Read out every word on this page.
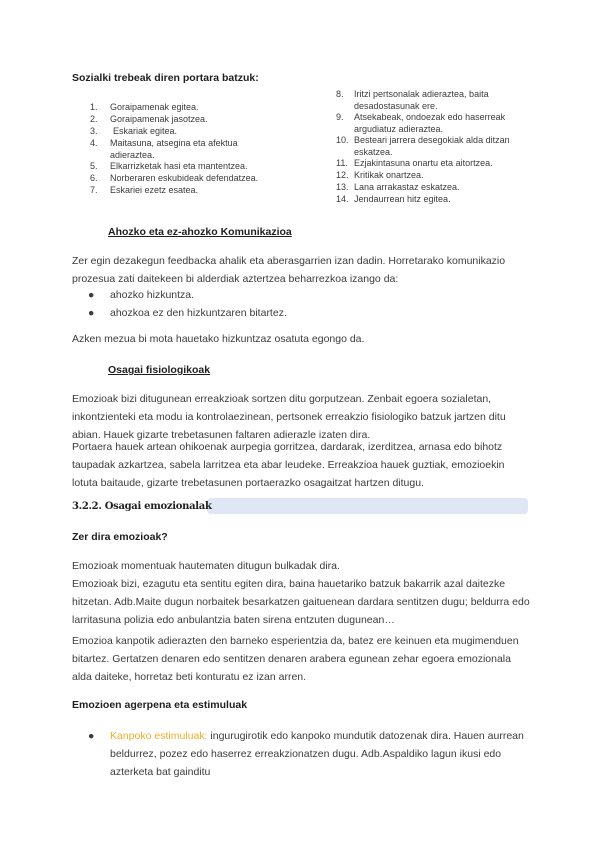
Sozialki trebeak diren portara batzuk:
1. Goraipamenak egitea.
2. Goraipamenak jasotzea.
3. Eskariak egitea.
4. Maitasuna, atsegina eta afektua adieraztea.
5. Elkarrizketak hasi eta mantentzea.
6. Norberaren eskubideak defendatzea.
7. Eskariei ezetz esatea.
8. Iritzi pertsonalak adieraztea, baita desadostasunak ere.
9. Atsekabeak, ondoezak edo haserreak argudiatuz adieraztea.
10. Besteari jarrera desegokiak alda ditzan eskatzea.
11. Ezjakintasuna onartu eta aitortzea.
12. Kritikak onartzea.
13. Lana arrakastaz eskatzea.
14. Jendaurrean hitz egitea.
Ahozko eta ez-ahozko Komunikazioa
Zer egin dezakegun feedbacka ahalik eta aberasgarrien izan dadin. Horretarako komunikazio prozesua zati daitekeen bi alderdiak aztertzea beharrezkoa izango da:
● ahozko hizkuntza.
● ahozkoa ez den hizkuntzaren bitartez.
Azken mezua bi mota hauetako hizkuntzaz osatuta egongo da.
Osagai fisiologikoak
Emozioak bizi ditugunean erreakzioak sortzen ditu gorputzean. Zenbait egoera sozialetan, inkontzienteki eta modu ia kontrolaezinean, pertsonek erreakzio fisiologiko batzuk jartzen ditu abian. Hauek gizarte trebetasunen faltaren adierazle izaten dira.
Portaera hauek artean ohikoenak aurpegia gorritzea, dardarak, izerditzea, arnasa edo bihotz taupadak azkartzea, sabela larritzea eta abar leudeke. Erreakzioa hauek guztiak, emozioekin lotuta baitaude, gizarte trebetasunen portaerazko osagaitzat hartzen ditugu.
3.2.2. Osagai emozionalak
Zer dira emozioak?
Emozioak momentuak hautematen ditugun bulkadak dira.
Emozioak bizi, ezagutu eta sentitu egiten dira, baina hauetariko batzuk bakarrik azal daitezke hitzetan. Adb.Maite dugun norbaitek besarkatzen gaituenean dardara sentitzen dugu; beldurra edo larritasuna polizia edo anbulantzia baten sirena entzuten dugunean…
Emozioa kanpotik adierazten den barneko esperientzia da, batez ere keinuen eta mugimenduen bitartez. Gertatzen denaren edo sentitzen denaren arabera egunean zehar egoera emozionala alda daiteke, horretaz beti konturatu ez izan arren.
Emozioen agerpena eta estimuluak
● Kanpoko estimuluak: ingurugirotik edo kanpoko mundutik datozenak dira. Hauen aurrean beldurrez, pozez edo haserrez erreakzionatzen dugu. Adb.Aspaldiko lagun ikusi edo azterketa bat gainditu
